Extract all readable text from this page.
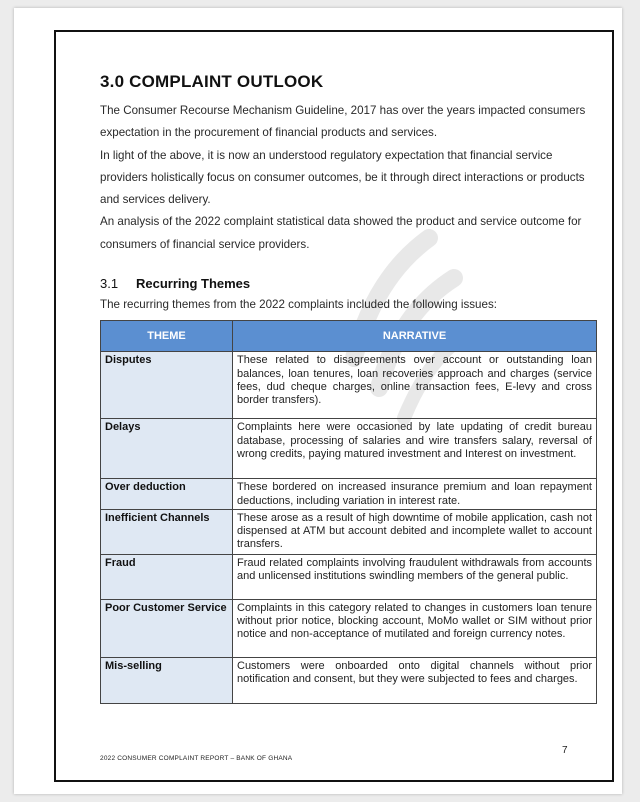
3.0 COMPLAINT OUTLOOK

The Consumer Recourse Mechanism Guideline, 2017 has over the years impacted consumers expectation in the procurement of financial products and services.

In light of the above, it is now an understood regulatory expectation that financial service providers holistically focus on consumer outcomes, be it through direct interactions or products and services delivery.

An analysis of the 2022 complaint statistical data showed the product and service outcome for consumers of financial service providers.

3.1 Recurring Themes

The recurring themes from the 2022 complaints included the following issues:

THEME	NARRATIVE
Disputes	These related to disagreements over account or outstanding loan balances, loan tenures, loan recoveries approach and charges (service fees, dud cheque charges, online transaction fees, E-levy and cross border transfers).
Delays	Complaints here were occasioned by late updating of credit bureau database, processing of salaries and wire transfers salary, reversal of wrong credits, paying matured investment and Interest on investment.
Over deduction	These bordered on increased insurance premium and loan repayment deductions, including variation in interest rate.
Inefficient Channels	These arose as a result of high downtime of mobile application, cash not dispensed at ATM but account debited and incomplete wallet to account transfers.
Fraud	Fraud related complaints involving fraudulent withdrawals from accounts and unlicensed institutions swindling members of the general public.
Poor Customer Service	Complaints in this category related to changes in customers loan tenure without prior notice, blocking account, MoMo wallet or SIM without prior notice and non-acceptance of mutilated and foreign currency notes.
Mis-selling	Customers were onboarded onto digital channels without prior notification and consent, but they were subjected to fees and charges.
2022 CONSUMER COMPLAINT REPORT – BANK OF GHANA
7
